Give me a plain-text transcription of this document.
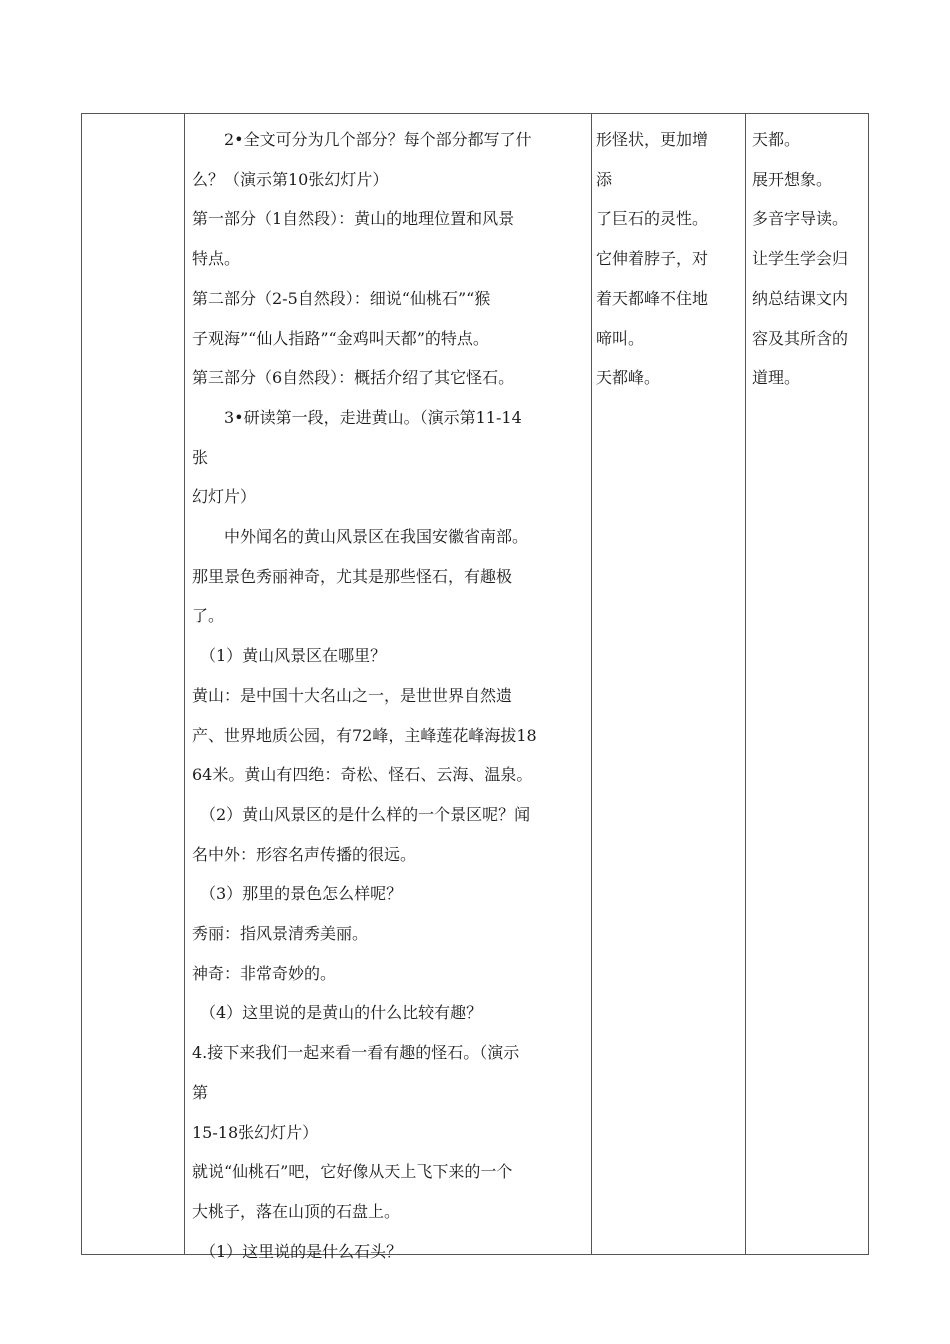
　　2•全文可分为几个部分？每个部分都写了什
么？（演示第10张幻灯片）
第一部分（1自然段）：黄山的地理位置和风景
特点。
第二部分（2-5自然段）：细说“仙桃石”“猴
子观海”“仙人指路”“金鸡叫天都”的特点。
第三部分（6自然段）：概括介绍了其它怪石。
　　3•研读第一段，走进黄山。（演示第11-14
张
幻灯片）
　　中外闻名的黄山风景区在我国安徽省南部。
那里景色秀丽神奇，尤其是那些怪石，有趣极
了。
　（1）黄山风景区在哪里？
黄山：是中国十大名山之一，是世世界自然遗
产、世界地质公园，有72峰，主峰莲花峰海拔18
64米。黄山有四绝：奇松、怪石、云海、温泉。
　（2）黄山风景区的是什么样的一个景区呢？闻
名中外：形容名声传播的很远。
　（3）那里的景色怎么样呢？
秀丽：指风景清秀美丽。
神奇：非常奇妙的。
　（4）这里说的是黄山的什么比较有趣？
4.接下来我们一起来看一看有趣的怪石。（演示
第
15-18张幻灯片）
就说“仙桃石”吧，它好像从天上飞下来的一个
大桃子，落在山顶的石盘上。
　（1）这里说的是什么石头？
形怪状，更加增
添
了巨石的灵性。
它伸着脖子，对
着天都峰不住地
啼叫。
天都峰。
天都。
展开想象。
多音字导读。
让学生学会归
纳总结课文内
容及其所含的
道理。
